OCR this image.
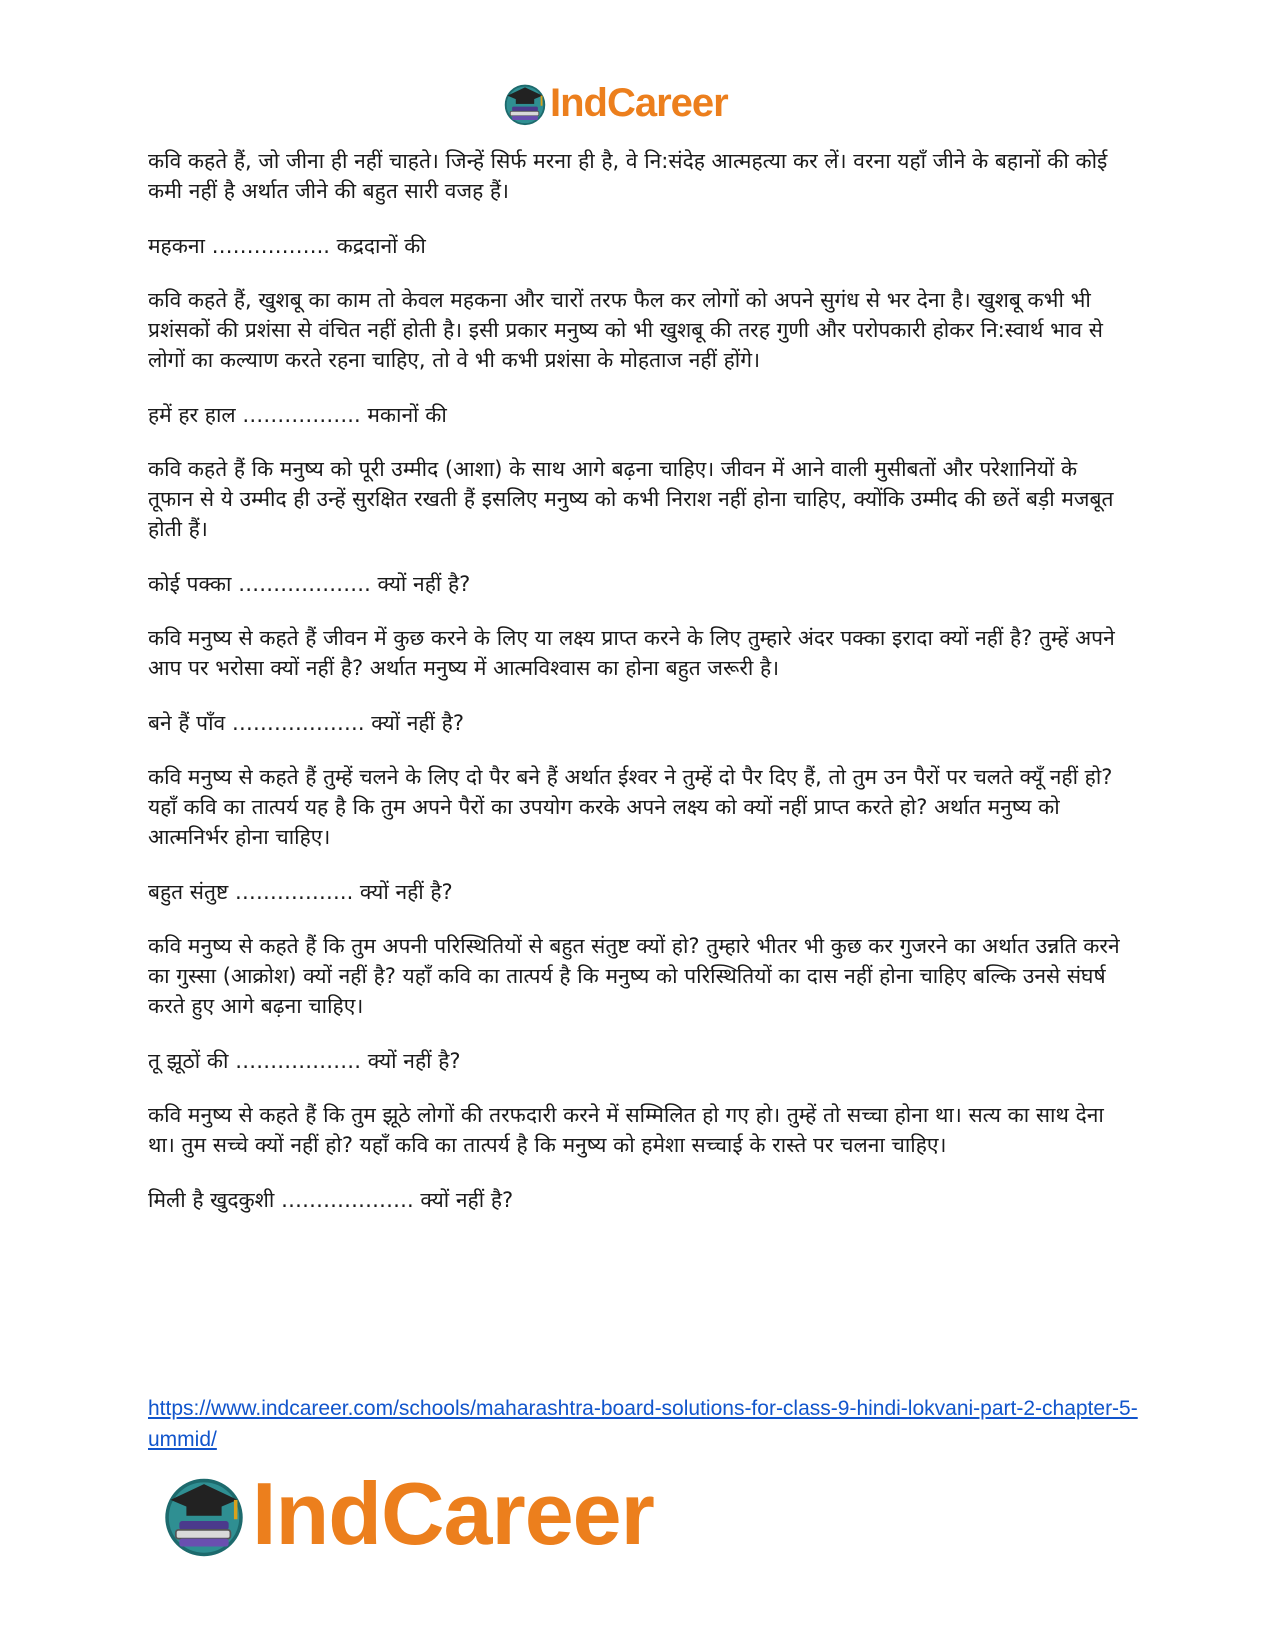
IndCareer

कवि कहते हैं, जो जीना ही नहीं चाहते। जिन्हें सिर्फ मरना ही है, वे नि:संदेह आत्महत्या कर लें। वरना यहाँ जीने के बहानों की कोई कमी नहीं है अर्थात जीने की बहुत सारी वजह हैं।

महकना …………….. कद्रदानों की

कवि कहते हैं, खुशबू का काम तो केवल महकना और चारों तरफ फैल कर लोगों को अपने सुगंध से भर देना है। खुशबू कभी भी प्रशंसकों की प्रशंसा से वंचित नहीं होती है। इसी प्रकार मनुष्य को भी खुशबू की तरह गुणी और परोपकारी होकर नि:स्वार्थ भाव से लोगों का कल्याण करते रहना चाहिए, तो वे भी कभी प्रशंसा के मोहताज नहीं होंगे।

हमें हर हाल …………….. मकानों की

कवि कहते हैं कि मनुष्य को पूरी उम्मीद (आशा) के साथ आगे बढ़ना चाहिए। जीवन में आने वाली मुसीबतों और परेशानियों के तूफान से ये उम्मीद ही उन्हें सुरक्षित रखती हैं इसलिए मनुष्य को कभी निराश नहीं होना चाहिए, क्योंकि उम्मीद की छतें बड़ी मजबूत होती हैं।

कोई पक्का ………………. क्यों नहीं है?

कवि मनुष्य से कहते हैं जीवन में कुछ करने के लिए या लक्ष्य प्राप्त करने के लिए तुम्हारे अंदर पक्का इरादा क्यों नहीं है? तुम्हें अपने आप पर भरोसा क्यों नहीं है? अर्थात मनुष्य में आत्मविश्वास का होना बहुत जरूरी है।

बने हैं पाँव ………………. क्यों नहीं है?

कवि मनुष्य से कहते हैं तुम्हें चलने के लिए दो पैर बने हैं अर्थात ईश्वर ने तुम्हें दो पैर दिए हैं, तो तुम उन पैरों पर चलते क्यूँ नहीं हो? यहाँ कवि का तात्पर्य यह है कि तुम अपने पैरों का उपयोग करके अपने लक्ष्य को क्यों नहीं प्राप्त करते हो? अर्थात मनुष्य को आत्मनिर्भर होना चाहिए।

बहुत संतुष्ट …………….. क्यों नहीं है?

कवि मनुष्य से कहते हैं कि तुम अपनी परिस्थितियों से बहुत संतुष्ट क्यों हो? तुम्हारे भीतर भी कुछ कर गुजरने का अर्थात उन्नति करने का गुस्सा (आक्रोश) क्यों नहीं है? यहाँ कवि का तात्पर्य है कि मनुष्य को परिस्थितियों का दास नहीं होना चाहिए बल्कि उनसे संघर्ष करते हुए आगे बढ़ना चाहिए।

तू झूठों की ……………… क्यों नहीं है?

कवि मनुष्य से कहते हैं कि तुम झूठे लोगों की तरफदारी करने में सम्मिलित हो गए हो। तुम्हें तो सच्चा होना था। सत्य का साथ देना था। तुम सच्चे क्यों नहीं हो? यहाँ कवि का तात्पर्य है कि मनुष्य को हमेशा सच्चाई के रास्ते पर चलना चाहिए।

मिली है खुदकुशी ………………. क्यों नहीं है?

https://www.indcareer.com/schools/maharashtra-board-solutions-for-class-9-hindi-lokvani-part-2-chapter-5-ummid/
IndCareer
